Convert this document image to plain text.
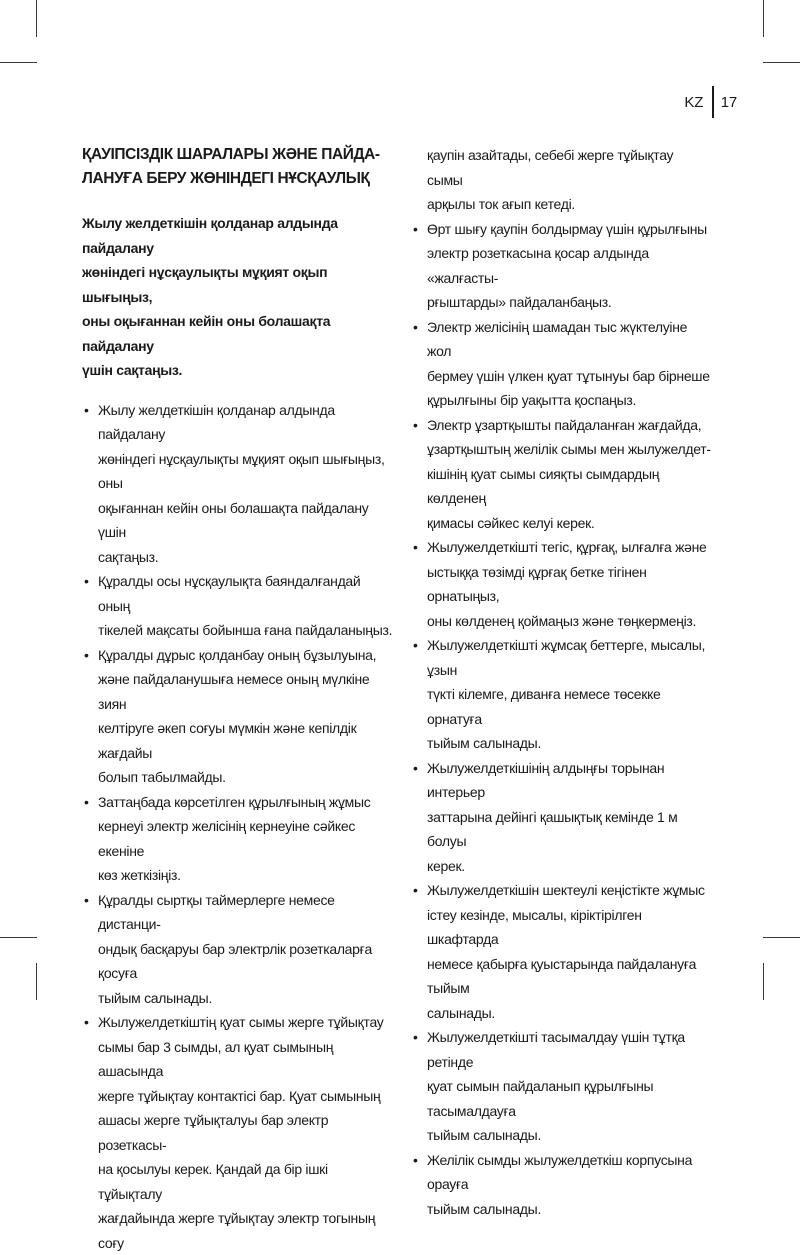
KZ 17
ҚАУІПСІЗДІК ШАРАЛАРЫ ЖӘНЕ ПАЙДА-
ЛАНУҒА БЕРУ ЖӨНІНДЕГІ НҰСҚАУЛЫҚ

Жылу желдеткішін қолданар алдында пайдалану
жөніндегі нұсқаулықты мұқият оқып шығыңыз,
оны оқығаннан кейін оны болашақта пайдалану
үшін сақтаңыз.

• Жылу желдеткішін қолданар алдында пайдалану
жөніндегі нұсқаулықты мұқият оқып шығыңыз, оны
оқығаннан кейін оны болашақта пайдалану үшін
сақтаңыз.
• Құралды осы нұсқаулықта баяндалғандай оның
тікелей мақсаты бойынша ғана пайдаланыңыз.
• Құралды дұрыс қолданбау оның бұзылуына,
және пайдаланушыға немесе оның мүлкіне зиян
келтіруге әкеп соғуы мүмкін және кепілдік жағдайы
болып табылмайды.
• Заттаңбада көрсетілген құрылғының жұмыс
кернеуі электр желісінің кернеуіне сәйкес екеніне
көз жеткізіңіз.
• Құралды сыртқы таймерлерге немесе дистанци-
ондық басқаруы бар электрлік розеткаларға қосуға
тыйым салынады.
• Жылужелдеткіштің қуат сымы жерге тұйықтау
сымы бар 3 сымды, ал қуат сымының ашасында
жерге тұйықтау контактісі бар. Қуат сымының
ашасы жерге тұйықталуы бар электр розеткасы-
на қосылуы керек. Қандай да бір ішкі тұйықталу
жағдайында жерге тұйықтау электр тогының соғу
қаупін азайтады, себебі жерге тұйықтау сымы
арқылы ток ағып кетеді.
• Өрт шығу қаупін болдырмау үшін құрылғыны
электр розеткасына қосар алдында «жалғасты-
рғыштарды» пайдаланбаңыз.
• Электр желісінің шамадан тыс жүктелуіне жол
бермеу үшін үлкен қуат тұтынуы бар бірнеше
құрылғыны бір уақытта қоспаңыз.
• Электр ұзартқышты пайдаланған жағдайда,
ұзартқыштың желілік сымы мен жылужелдет-
кішінің қуат сымы сияқты сымдардың көлденең
қимасы сәйкес келуі керек.
• Жылужелдеткішті тегіс, құрғақ, ылғалға және
ыстыққа төзімді құрғақ бетке тігінен орнатыңыз,
оны көлденең қоймаңыз және төңкермеңіз.
• Жылужелдеткішті жұмсақ беттерге, мысалы, ұзын
түкті кілемге, диванға немесе төсекке орнатуға
тыйым салынады.
• Жылужелдеткішінің алдыңғы торынан интерьер
заттарына дейінгі қашықтық кемінде 1 м болуы
керек.
• Жылужелдеткішін шектеулі кеңістікте жұмыс
істеу кезінде, мысалы, кіріктірілген шкафтарда
немесе қабырға қуыстарында пайдалануға тыйым
салынады.
• Жылужелдеткішті тасымалдау үшін тұтқа ретінде
қуат сымын пайдаланып құрылғыны тасымалдауға
тыйым салынады.
• Желілік сымды жылужелдеткіш корпусына орауға
тыйым салынады.
